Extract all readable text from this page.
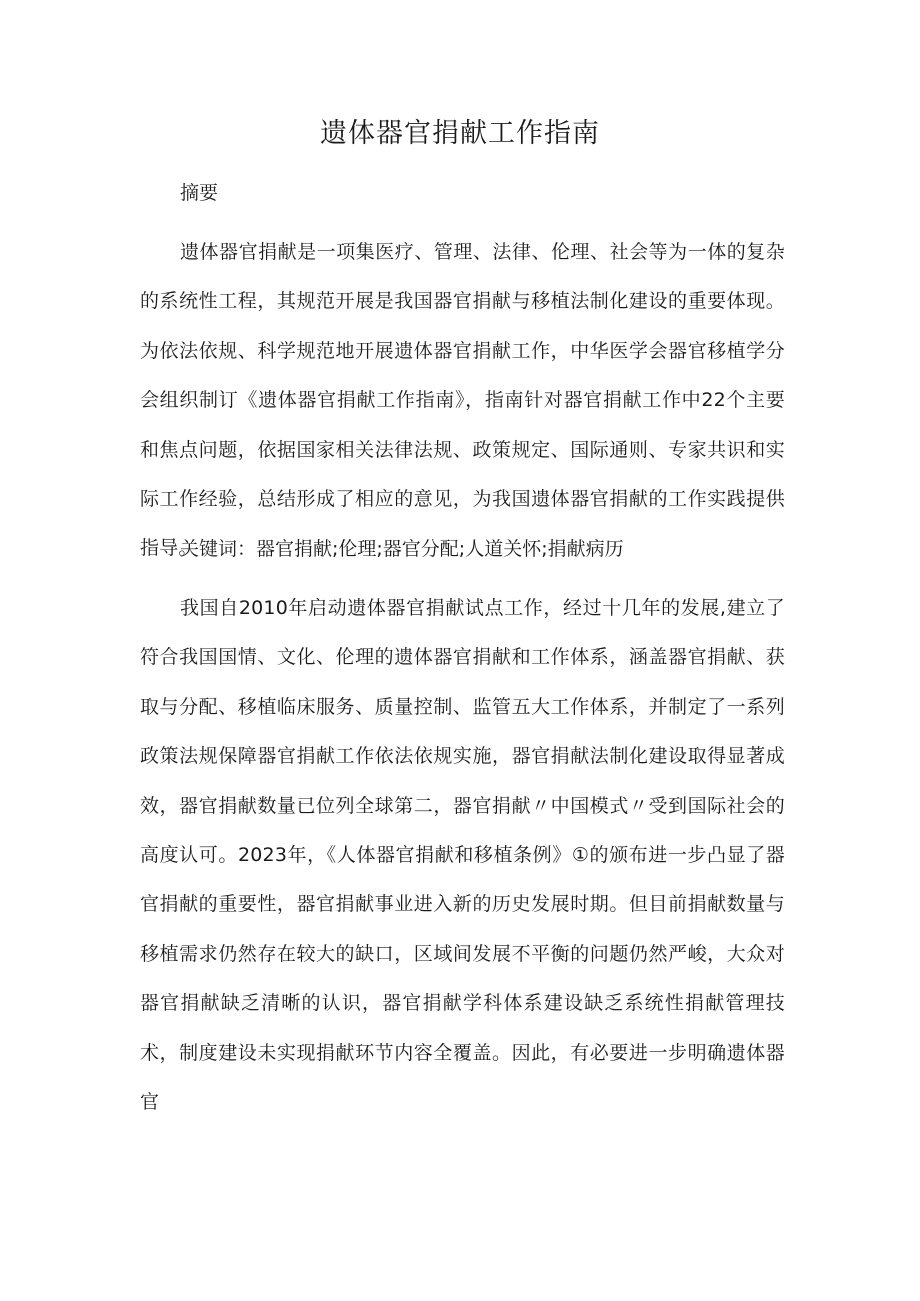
遗体器官捐献工作指南
摘要

遗体器官捐献是一项集医疗、管理、法律、伦理、社会等为一体的复杂的系统性工程，其规范开展是我国器官捐献与移植法制化建设的重要体现。为依法依规、科学规范地开展遗体器官捐献工作，中华医学会器官移植学分会组织制订《遗体器官捐献工作指南》，指南针对器官捐献工作中22个主要和焦点问题，依据国家相关法律法规、政策规定、国际通则、专家共识和实际工作经验，总结形成了相应的意见，为我国遗体器官捐献的工作实践提供指导。

关键词：器官捐献;伦理;器官分配;人道关怀;捐献病历

我国自2010年启动遗体器官捐献试点工作，经过十几年的发展,建立了符合我国国情、文化、伦理的遗体器官捐献和工作体系，涵盖器官捐献、获取与分配、移植临床服务、质量控制、监管五大工作体系，并制定了一系列政策法规保障器官捐献工作依法依规实施，器官捐献法制化建设取得显著成效，器官捐献数量已位列全球第二，器官捐献〃中国模式〃受到国际社会的高度认可。2023年，《人体器官捐献和移植条例》①的颁布进一步凸显了器官捐献的重要性，器官捐献事业进入新的历史发展时期。但目前捐献数量与移植需求仍然存在较大的缺口，区域间发展不平衡的问题仍然严峻，大众对器官捐献缺乏清晰的认识，器官捐献学科体系建设缺乏系统性捐献管理技术，制度建设未实现捐献环节内容全覆盖。因此，有必要进一步明确遗体器官
